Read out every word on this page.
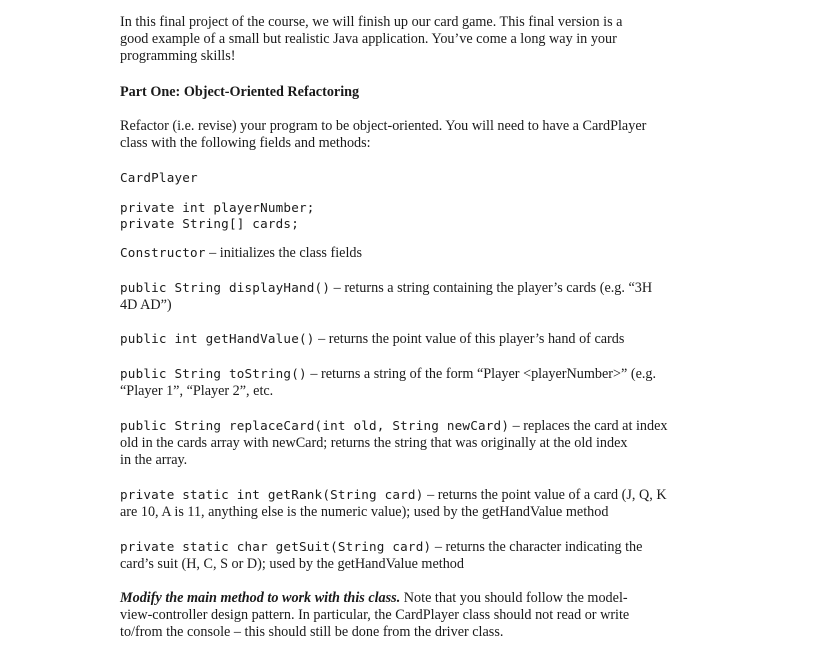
In this final project of the course, we will finish up our card game. This final version is a

good example of a small but realistic Java application. You’ve come a long way in your

programming skills!

Part One: Object-Oriented Refactoring

Refactor (i.e. revise) your program to be object-oriented. You will need to have a CardPlayer

class with the following fields and methods:

CardPlayer

private int playerNumber;

private String[] cards;

Constructor – initializes the class fields

public String displayHand() – returns a string containing the player’s cards (e.g. “3H

4D AD”)

public int getHandValue() – returns the point value of this player’s hand of cards

public String toString() – returns a string of the form “Player <playerNumber>” (e.g.

“Player 1”, “Player 2”, etc.

public String replaceCard(int old, String newCard) – replaces the card at index

old in the cards array with newCard; returns the string that was originally at the old index

in the array.

private static int getRank(String card) – returns the point value of a card (J, Q, K

are 10, A is 11, anything else is the numeric value); used by the getHandValue method

private static char getSuit(String card) – returns the character indicating the

card’s suit (H, C, S or D); used by the getHandValue method

Modify the main method to work with this class. Note that you should follow the model-

view-controller design pattern. In particular, the CardPlayer class should not read or write

to/from the console – this should still be done from the driver class.
